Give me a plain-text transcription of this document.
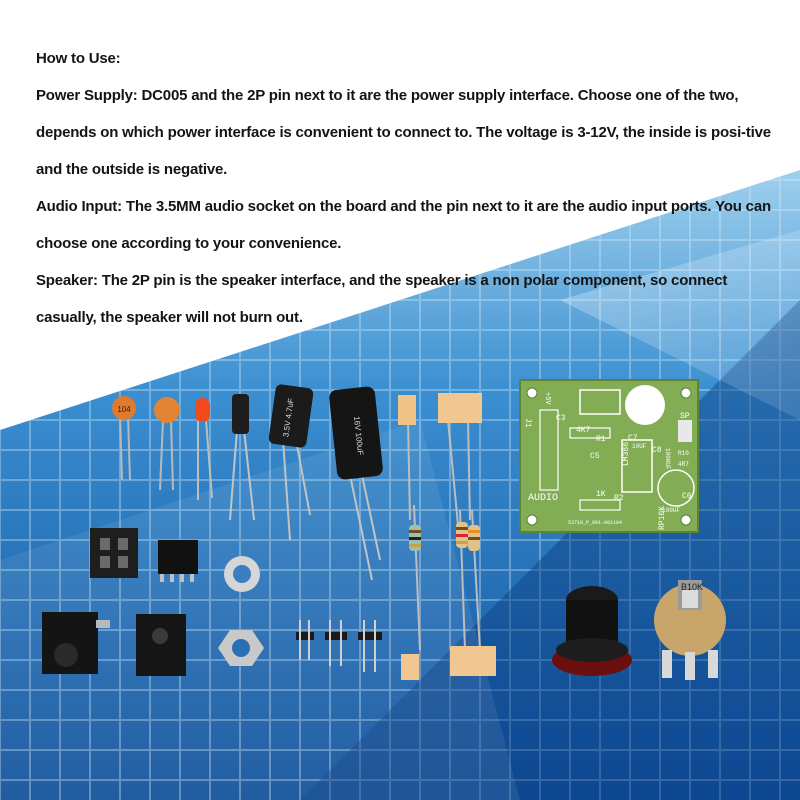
How to Use:

Power Supply: DC005 and the 2P pin next to it are the power supply interface. Choose one of the two, depends on which power interface is convenient to connect to. The voltage is 3-12V, the inside is posi-tive and the outside is negative.

Audio Input: The 3.5MM audio socket on the board and the pin next to it are the audio input ports. You can choose one according to your convenience.

Speaker: The 2P pin is the speaker interface, and the speaker is a non polar component, so connect casually, the speaker will not burn out.

104	3.5V 4.7uF	16V 100uF	LM386
AUDIO
R1
4K7
1K R2
RP10K
C6
100UF
SP
1000UF
C8	R10
4R7
C7
10UF
C5
C3
J1
+5V
53710_P_001-001104
B10K
